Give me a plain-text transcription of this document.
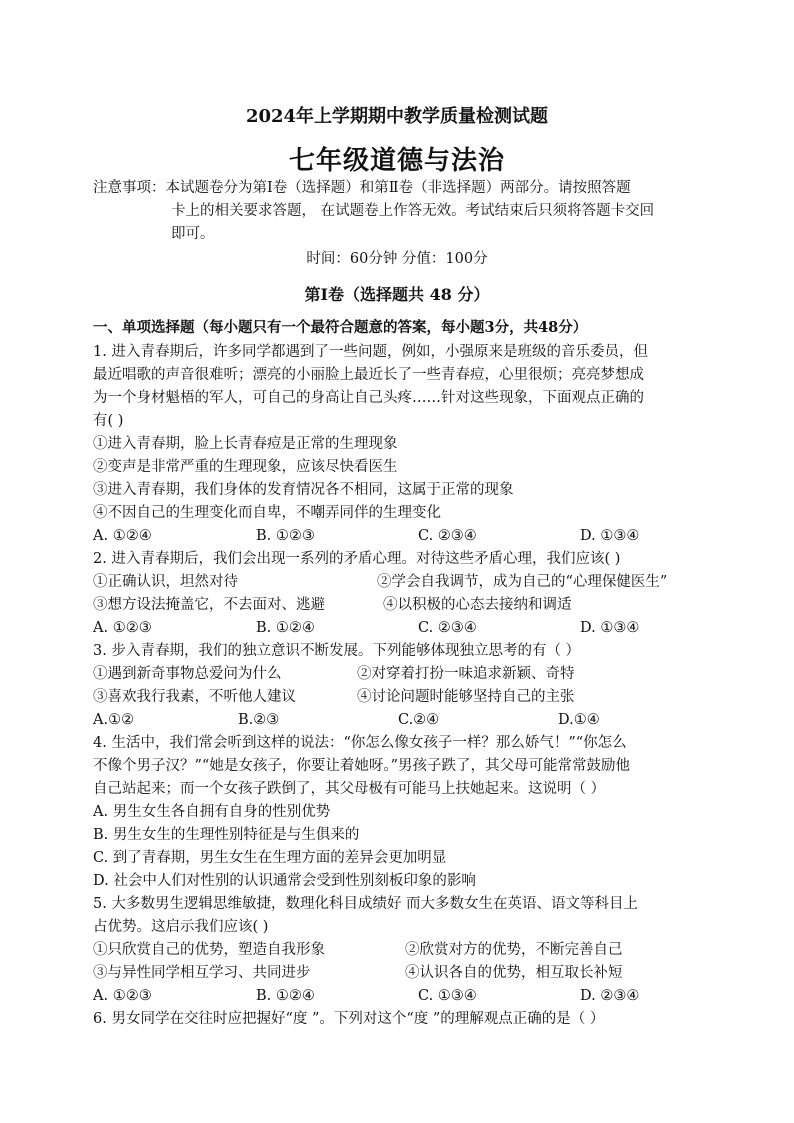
2024年上学期期中教学质量检测试题
七年级道德与法治
注意事项：本试题卷分为第Ⅰ卷（选择题）和第Ⅱ卷（非选择题）两部分。请按照答题
卡上的相关要求答题， 在试题卷上作答无效。考试结束后只须将答题卡交回
即可。
时间：60分钟 分值：100分
第Ⅰ卷（选择题共 48 分）
一、单项选择题（每小题只有一个最符合题意的答案，每小题3分，共48分）
1. 进入青春期后，许多同学都遇到了一些问题，例如，小强原来是班级的音乐委员，但
最近唱歌的声音很难听；漂亮的小丽脸上最近长了一些青春痘，心里很烦；亮亮梦想成
为一个身材魁梧的军人，可自己的身高让自己头疼……针对这些现象，下面观点正确的
有( )
①进入青春期，脸上长青春痘是正常的生理现象
②变声是非常严重的生理现象，应该尽快看医生
③进入青春期，我们身体的发育情况各不相同，这属于正常的现象
④不因自己的生理变化而自卑，不嘲弄同伴的生理变化
A. ①②④	B. ①②③	C. ②③④	D. ①③④
2. 进入青春期后，我们会出现一系列的矛盾心理。对待这些矛盾心理，我们应该( )
①正确认识，坦然对待	②学会自我调节，成为自己的“心理保健医生”
③想方设法掩盖它，不去面对、逃避	④以积极的心态去接纳和调适
A. ①②③	B. ①②④	C. ②③④	D. ①③④
3. 步入青春期，我们的独立意识不断发展。下列能够体现独立思考的有（ ）
①遇到新奇事物总爱问为什么	②对穿着打扮一味追求新颖、奇特
③喜欢我行我素，不听他人建议	④讨论问题时能够坚持自己的主张
A.①②	B.②③	C.②④	D.①④
4. 生活中，我们常会听到这样的说法：“你怎么像女孩子一样？那么娇气！”“你怎么
不像个男子汉？”“她是女孩子，你要让着她呀。”男孩子跌了，其父母可能常常鼓励他
自己站起来；而一个女孩子跌倒了，其父母极有可能马上扶她起来。这说明（ ）
A. 男生女生各自拥有自身的性别优势
B. 男生女生的生理性别特征是与生俱来的
C. 到了青春期，男生女生在生理方面的差异会更加明显
D. 社会中人们对性别的认识通常会受到性别刻板印象的影响
5. 大多数男生逻辑思维敏捷，数理化科目成绩好 而大多数女生在英语、语文等科目上
占优势。这启示我们应该( )
①只欣赏自己的优势，塑造自我形象	②欣赏对方的优势，不断完善自己
③与异性同学相互学习、共同进步	④认识各自的优势，相互取长补短
A. ①②③	B. ①②④	C. ①③④	D. ②③④
6. 男女同学在交往时应把握好“度 ”。下列对这个“度 ”的理解观点正确的是（ ）
